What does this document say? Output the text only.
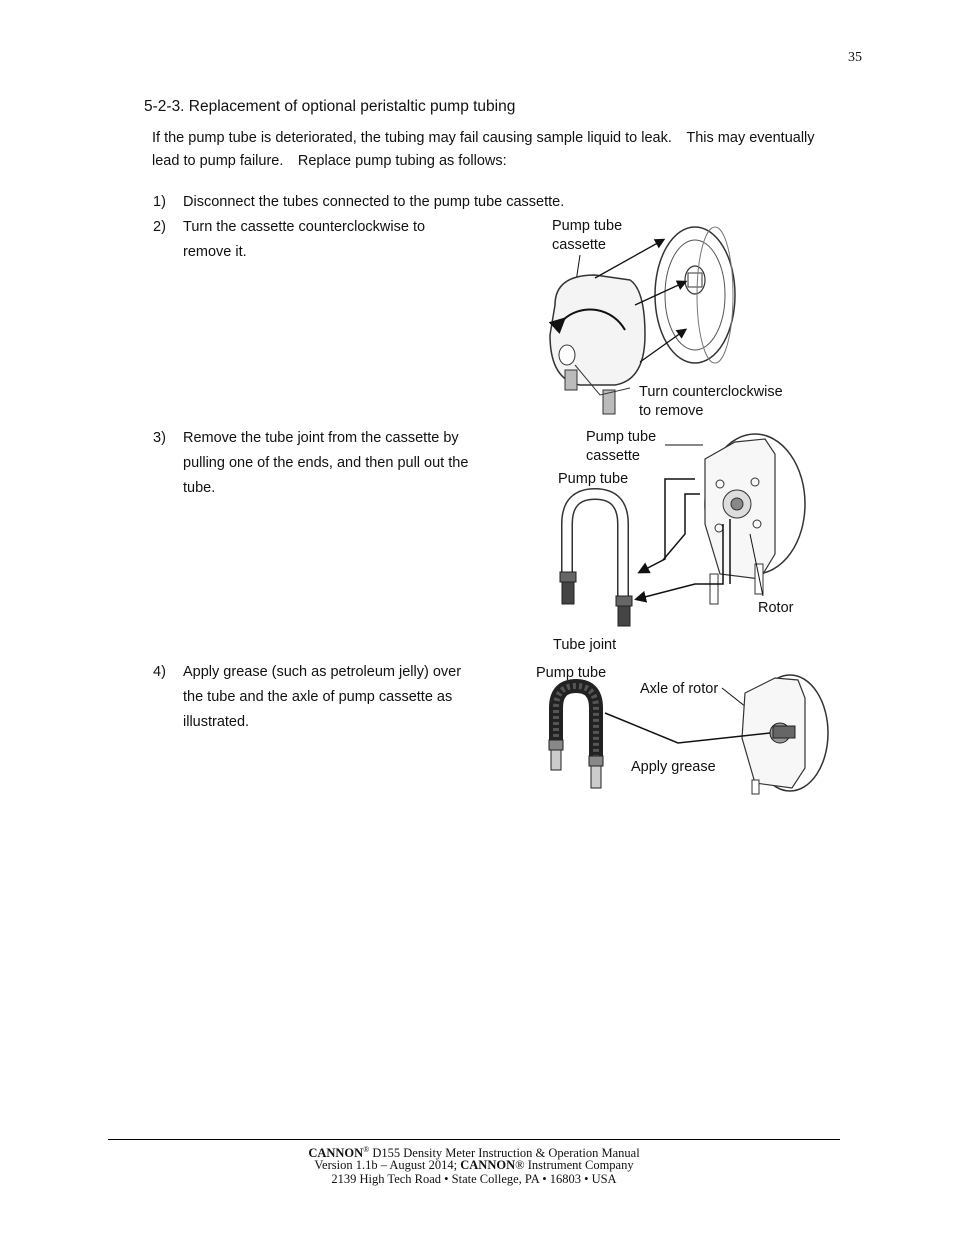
35
5-2-3. Replacement of optional peristaltic pump tubing
If the pump tube is deteriorated, the tubing may fail causing sample liquid to leak.　This may eventually
lead to pump failure.　Replace pump tubing as follows:
1)	Disconnect the tubes connected to the pump tube cassette.
2)	Turn the cassette counterclockwise to
remove it.
3)	Remove the tube joint from the cassette by
pulling one of the ends, and then pull out the
tube.
4)	Apply grease (such as petroleum jelly) over
the tube and the axle of pump cassette as
illustrated.
Pump tube
cassette
Turn counterclockwise
to remove
Pump tube
cassette
Pump tube
Tube joint
Rotor
Pump tube
Axle of rotor
Apply grease
CANNON® D155 Density Meter Instruction & Operation Manual
Version 1.1b – August 2014; CANNON® Instrument Company
2139 High Tech Road • State College, PA • 16803 • USA
